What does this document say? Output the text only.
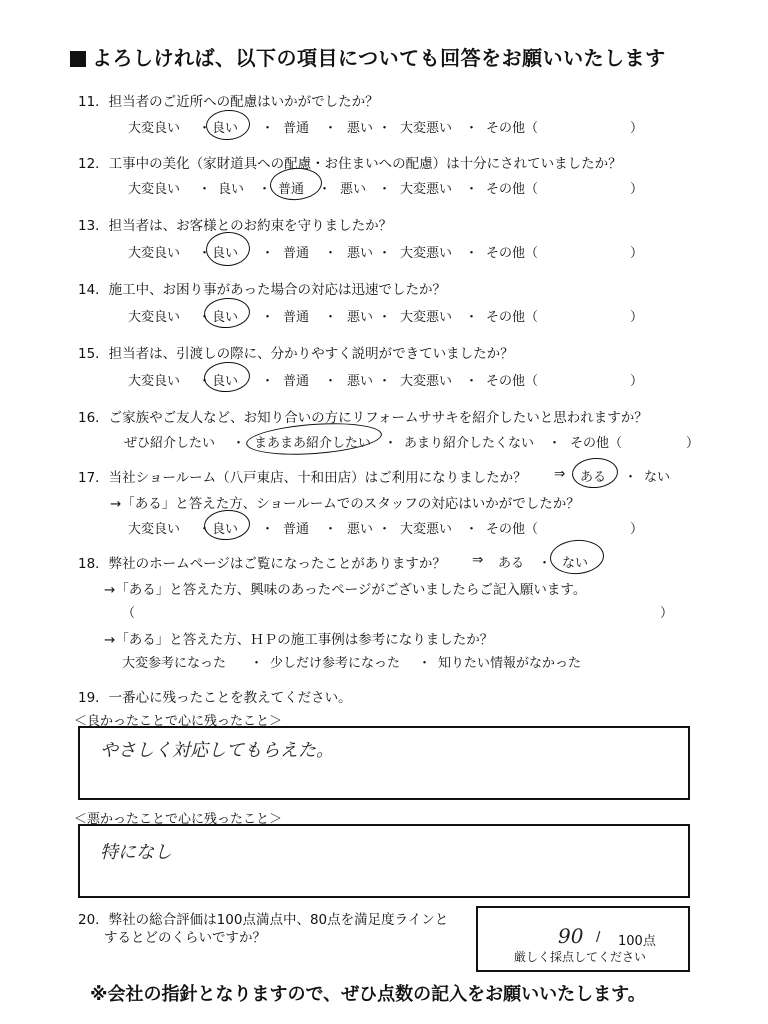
よろしければ、以下の項目についても回答をお願いいたします
11．担当者のご近所への配慮はいかがでしたか？
大変良い 良い	普通	悪い 大変悪い	その他（	）
・	・	・	・	・
12．工事中の美化（家財道具への配慮・お住まいへの配慮）は十分にされていましたか？
大変良い	良い	普通	悪い	大変悪い	その他（	）
・	・	・	・	・
13．担当者は、お客様とのお約束を守りましたか？
大変良い 良い	普通	悪い 大変悪い	その他（	）
・	・	・	・	・
14．施工中、お困り事があった場合の対応は迅速でしたか？
大変良い 良い	普通	悪い 大変悪い	その他（	）
・	・	・	・	・
15．担当者は、引渡しの際に、分かりやすく説明ができていましたか？
大変良い 良い	普通	悪い 大変悪い	その他（	）
・	・	・	・	・
16．ご家族やご友人など、お知り合いの方にリフォームササキを紹介したいと思われますか？
ぜひ紹介したい ・ まあまあ紹介したい ・ あまり紹介したくない ・ その他（	）
17．当社ショールーム（八戸東店、十和田店）はご利用になりましたか？ ⇒ ある ・ ない
→「ある」と答えた方、ショールームでのスタッフの対応はいかがでしたか？
大変良い 良い	普通	悪い 大変悪い	その他（	）
・	・	・	・	・
18．弊社のホームページはご覧になったことがありますか？ ⇒ ある ・ ない
→「ある」と答えた方、興味のあったページがございましたらご記入願います。
（	）
→「ある」と答えた方、ＨＰの施工事例は参考になりましたか？
大変参考になった ・ 少しだけ参考になった ・ 知りたい情報がなかった
19．一番心に残ったことを教えてください。
＜良かったことで心に残ったこと＞
やさしく対応してもらえた。
＜悪かったことで心に残ったこと＞
特になし
20．弊社の総合評価は100点満点中、80点を満足度ラインと
するとどのくらいですか？	90 / 100点
厳しく採点してください
※会社の指針となりますので、ぜひ点数の記入をお願いいたします。
